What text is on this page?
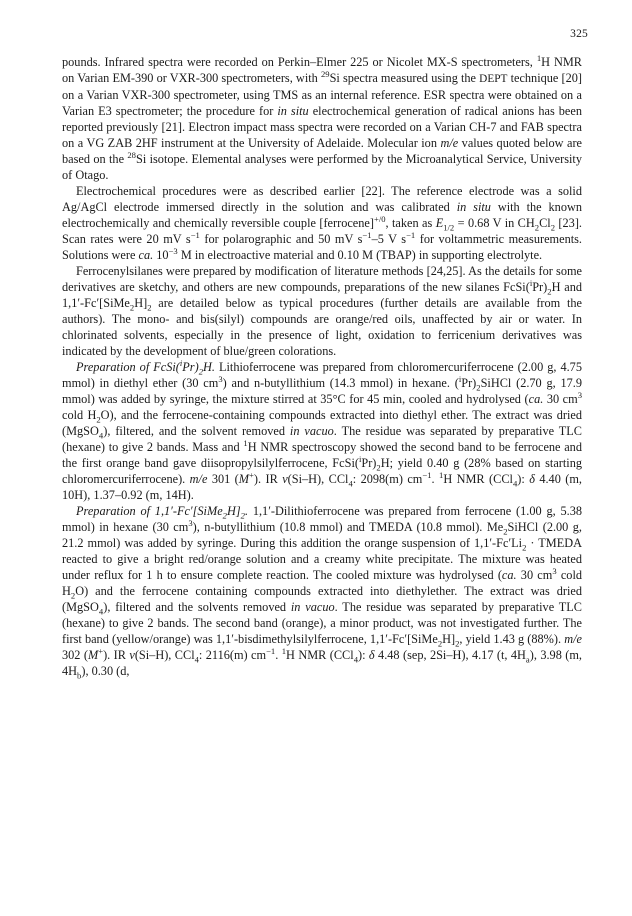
325

pounds. Infrared spectra were recorded on Perkin–Elmer 225 or Nicolet MX-S spectrometers, $^1$H NMR on Varian EM-390 or VXR-300 spectrometers, with $^{29}$Si spectra measured using the DEPT technique [20] on a Varian VXR-300 spectrometer, using TMS as an internal reference. ESR spectra were obtained on a Varian E3 spectrometer; the procedure for in situ electrochemical generation of radical anions has been reported previously [21]. Electron impact mass spectra were recorded on a Varian CH-7 and FAB spectra on a VG ZAB 2HF instrument at the University of Adelaide. Molecular ion m/e values quoted below are based on the $^{28}$Si isotope. Elemental analyses were performed by the Microanalytical Service, University of Otago.

Electrochemical procedures were as described earlier [22]. The reference electrode was a solid Ag/AgCl electrode immersed directly in the solution and was calibrated in situ with the known electrochemically and chemically reversible couple [ferrocene]$^{+/0}$, taken as $E_{1/2} = 0.68$ V in $CH_2Cl_2$ [23]. Scan rates were 20 mV $s^{-1}$ for polarographic and 50 mV $s^{-1}-5$ V $s^{-1}$ for voltammetric measurements. Solutions were ca. $10^{-3}$ M in electroactive material and 0.10 M (TBAP) in supporting electrolyte.

Ferrocenylsilanes were prepared by modification of literature methods [24,25]. As the details for some derivatives are sketchy, and others are new compounds, preparations of the new silanes $FcSi(^iPr)_2H$ and $1,1'-Fc'[SiMe_2H]_2$ are detailed below as typical procedures (further details are available from the authors). The mono- and bis(silyl) compounds are orange/red oils, unaffected by air or water. In chlorinated solvents, especially in the presence of light, oxidation to ferricenium derivatives was indicated by the development of blue/green colorations.

Preparation of $FcSi(^iPr)_2H$. Lithioferrocene was prepared from chloromercuriferrocene (2.00 g, 4.75 mmol) in diethyl ether (30 $cm^3$) and n-butyllithium (14.3 mmol) in hexane. $(^iPr)_2SiHCl$ (2.70 g, 17.9 mmol) was added by syringe, the mixture stirred at 35°C for 45 min, cooled and hydrolysed (ca. 30 $cm^3$ cold $H_2O$), and the ferrocene-containing compounds extracted into diethyl ether. The extract was dried (MgSO$_4$), filtered, and the solvent removed in vacuo. The residue was separated by preparative TLC (hexane) to give 2 bands. Mass and $^1$H NMR spectroscopy showed the second band to be ferrocene and the first orange band gave diisopropylsilylferrocene, $FcSi(^iPr)_2H$; yield 0.40 g (28% based on starting chloromercuriferrocene). m/e 301 (M+). IR ν(Si–H), CCl$_4$: 2098(m) $cm^{-1}$. $^1$H NMR (CCl$_4$): δ 4.40 (m, 10H), 1.37–0.92 (m, 14H).

Preparation of $1,1'-Fc'[SiMe_2H]_2$. 1,1′-Dilithioferrocene was prepared from ferrocene (1.00 g, 5.38 mmol) in hexane (30 $cm^3$), n-butyllithium (10.8 mmol) and TMEDA (10.8 mmol). $Me_2SiHCl$ (2.00 g, 21.2 mmol) was added by syringe. During this addition the orange suspension of $1,1'-Fc'Li_2$ · TMEDA reacted to give a bright red/orange solution and a creamy white precipitate. The mixture was heated under reflux for 1 h to ensure complete reaction. The cooled mixture was hydrolysed (ca. 30 $cm^3$ cold $H_2O$) and the ferrocene containing compounds extracted into diethylether. The extract was dried (MgSO$_4$), filtered and the solvents removed in vacuo. The residue was separated by preparative TLC (hexane) to give 2 bands. The second band (orange), a minor product, was not investigated further. The first band (yellow/orange) was 1,1′-bisdimethylsilylferrocene, $1,1'-Fc'[SiMe_2H]_2$, yield 1.43 g (88%). m/e 302 (M+). IR ν(Si–H), CCl$_4$: 2116(m) $cm^{-1}$. $^1$H NMR (CCl$_4$): δ 4.48 (sep, 2Si–H), 4.17 (t, $4H_a$), 3.98 (m, $4H_b$), 0.30 (d,
